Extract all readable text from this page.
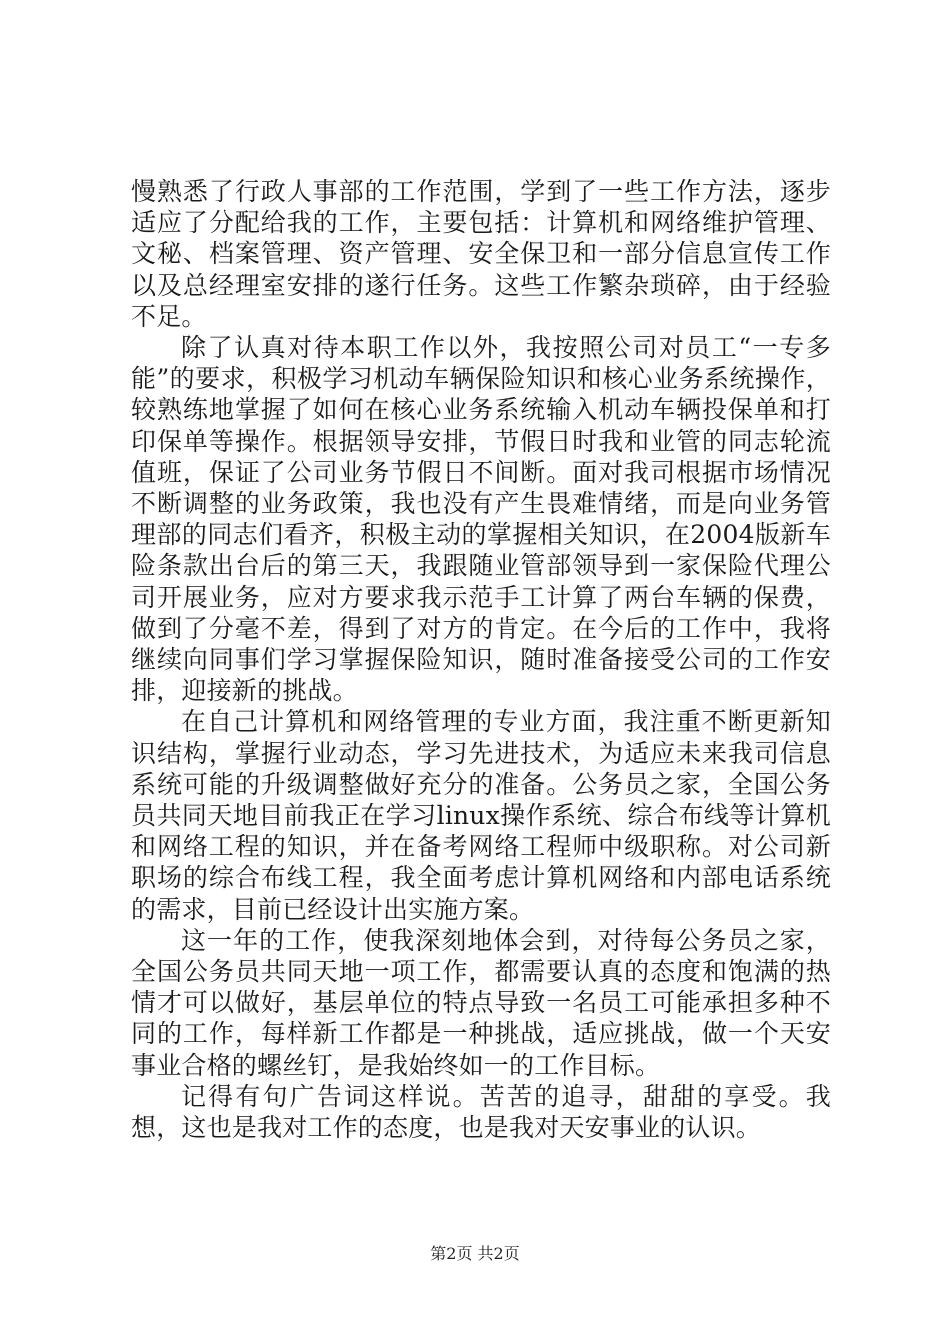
慢熟悉了行政人事部的工作范围，学到了一些工作方法，逐步适应了分配给我的工作，主要包括：计算机和网络维护管理、文秘、档案管理、资产管理、安全保卫和一部分信息宣传工作以及总经理室安排的遂行任务。这些工作繁杂琐碎，由于经验不足。

除了认真对待本职工作以外，我按照公司对员工“一专多能”的要求，积极学习机动车辆保险知识和核心业务系统操作，较熟练地掌握了如何在核心业务系统输入机动车辆投保单和打印保单等操作。根据领导安排，节假日时我和业管的同志轮流值班，保证了公司业务节假日不间断。面对我司根据市场情况不断调整的业务政策，我也没有产生畏难情绪，而是向业务管理部的同志们看齐，积极主动的掌握相关知识，在2004版新车险条款出台后的第三天，我跟随业管部领导到一家保险代理公司开展业务，应对方要求我示范手工计算了两台车辆的保费，做到了分毫不差，得到了对方的肯定。在今后的工作中，我将继续向同事们学习掌握保险知识，随时准备接受公司的工作安排，迎接新的挑战。

在自己计算机和网络管理的专业方面，我注重不断更新知识结构，掌握行业动态，学习先进技术，为适应未来我司信息系统可能的升级调整做好充分的准备。公务员之家，全国公务员共同天地目前我正在学习linux操作系统、综合布线等计算机和网络工程的知识，并在备考网络工程师中级职称。对公司新职场的综合布线工程，我全面考虑计算机网络和内部电话系统的需求，目前已经设计出实施方案。

这一年的工作，使我深刻地体会到，对待每公务员之家，全国公务员共同天地一项工作，都需要认真的态度和饱满的热情才可以做好，基层单位的特点导致一名员工可能承担多种不同的工作，每样新工作都是一种挑战，适应挑战，做一个天安事业合格的螺丝钉，是我始终如一的工作目标。

记得有句广告词这样说。苦苦的追寻，甜甜的享受。我想，这也是我对工作的态度，也是我对天安事业的认识。

第2页 共2页
